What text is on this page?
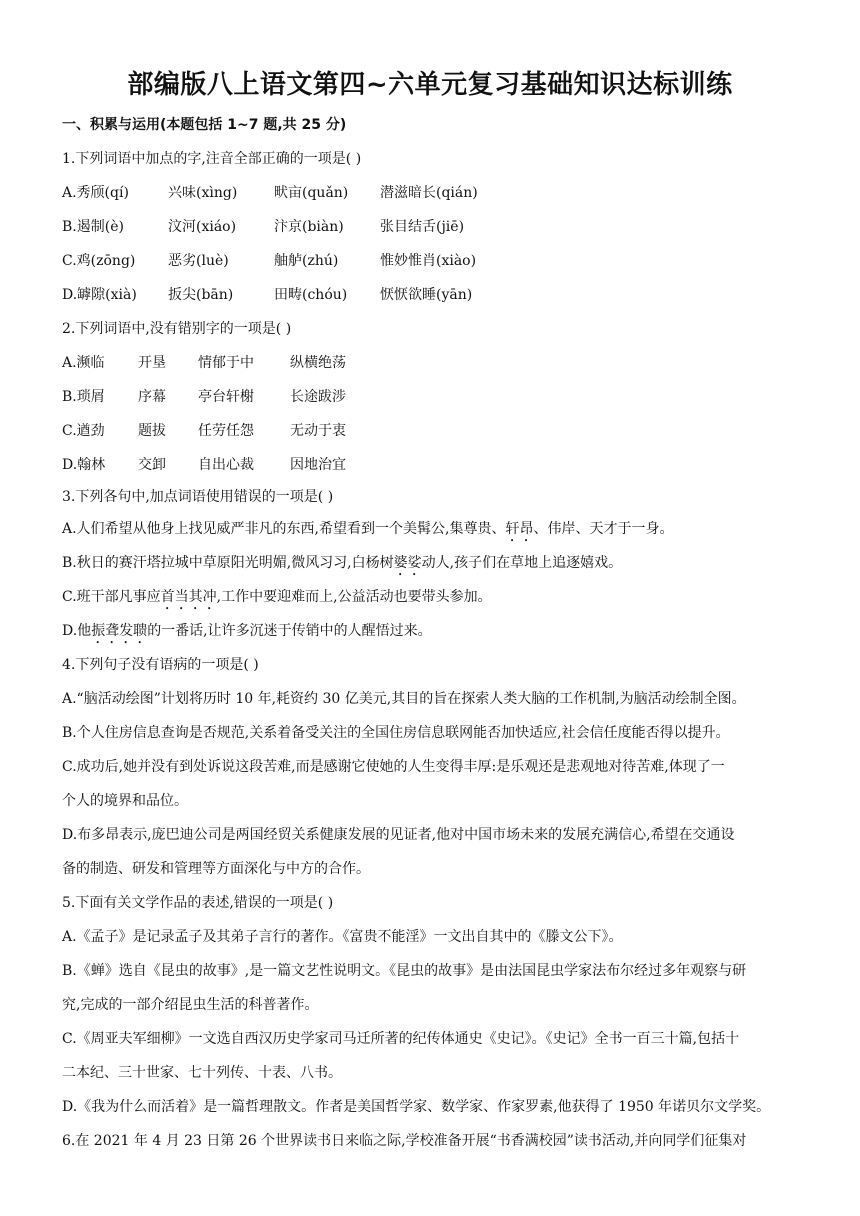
部编版八上语文第四~六单元复习基础知识达标训练
一、积累与运用(本题包括 1~7 题,共 25 分)
1.下列词语中加点的字,注音全部正确的一项是( )
A.秀颀(qí)	兴味(xìng)	畎亩(quǎn) 潜滋暗长(qián)
B.遏制(è)	汶河(xiáo)	汴京(biàn)	张目结舌(jiē)
C.鸡(zōng) 恶劣(luè)	舳舻(zhú)	惟妙惟肖(xiào)
D.罅隙(xià) 扳尖(bān)	田畴(chóu) 恹恹欲睡(yān)
2.下列词语中,没有错别字的一项是( )
A.濒临 开垦 情郁于中	纵横绝荡
B.琐屑 序幕 亭台轩榭	长途跋涉
C.遒劲 题拔 任劳任怨	无动于衷
D.翰林 交卸 自出心裁	因地治宜
3.下列各句中,加点词语使用错误的一项是( )
A.人们希望从他身上找见威严非凡的东西,希望看到一个美髯公,集尊贵、轩昂、伟岸、天才于一身。
B.秋日的赛汗塔拉城中草原阳光明媚,微风习习,白杨树婆娑动人,孩子们在草地上追逐嬉戏。
C.班干部凡事应首当其冲,工作中要迎难而上,公益活动也要带头参加。
D.他振聋发聩的一番话,让许多沉迷于传销中的人醒悟过来。
4.下列句子没有语病的一项是( )
A.“脑活动绘图”计划将历时 10 年,耗资约 30 亿美元,其目的旨在探索人类大脑的工作机制,为脑活动绘制全图。
B.个人住房信息查询是否规范,关系着备受关注的全国住房信息联网能否加快适应,社会信任度能否得以提升。
C.成功后,她并没有到处诉说这段苦难,而是感谢它使她的人生变得丰厚:是乐观还是悲观地对待苦难,体现了一
个人的境界和品位。
D.布多昂表示,庞巴迪公司是两国经贸关系健康发展的见证者,他对中国市场未来的发展充满信心,希望在交通设
备的制造、研发和管理等方面深化与中方的合作。
5.下面有关文学作品的表述,错误的一项是( )
A.《孟子》是记录孟子及其弟子言行的著作。《富贵不能淫》一文出自其中的《滕文公下》。
B.《蝉》选自《昆虫的故事》,是一篇文艺性说明文。《昆虫的故事》是由法国昆虫学家法布尔经过多年观察与研
究,完成的一部介绍昆虫生活的科普著作。
C.《周亚夫军细柳》一文选自西汉历史学家司马迁所著的纪传体通史《史记》。《史记》全书一百三十篇,包括十
二本纪、三十世家、七十列传、十表、八书。
D.《我为什么而活着》是一篇哲理散文。作者是美国哲学家、数学家、作家罗素,他获得了 1950 年诺贝尔文学奖。
6.在 2021 年 4 月 23 日第 26 个世界读书日来临之际,学校准备开展“书香满校园”读书活动,并向同学们征集对
